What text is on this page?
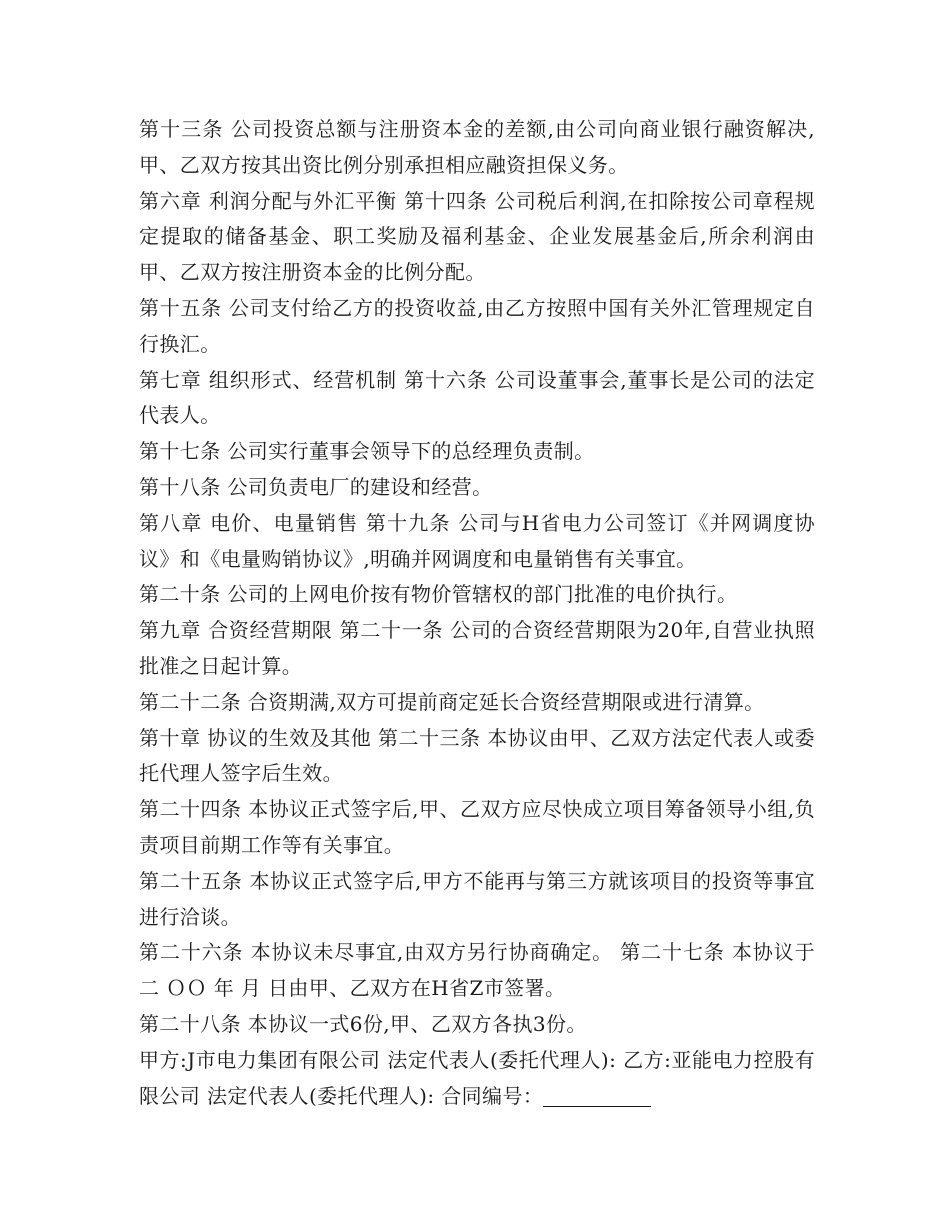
第十三条 公司投资总额与注册资本金的差额,由公司向商业银行融资解决,甲、乙双方按其出资比例分别承担相应融资担保义务。

第六章 利润分配与外汇平衡 第十四条 公司税后利润,在扣除按公司章程规定提取的储备基金、职工奖励及福利基金、企业发展基金后,所余利润由甲、乙双方按注册资本金的比例分配。

第十五条 公司支付给乙方的投资收益,由乙方按照中国有关外汇管理规定自行换汇。

第七章 组织形式、经营机制 第十六条 公司设董事会,董事长是公司的法定代表人。

第十七条 公司实行董事会领导下的总经理负责制。

第十八条 公司负责电厂的建设和经营。

第八章 电价、电量销售 第十九条 公司与H省电力公司签订《并网调度协议》和《电量购销协议》,明确并网调度和电量销售有关事宜。

第二十条 公司的上网电价按有物价管辖权的部门批准的电价执行。

第九章 合资经营期限 第二十一条 公司的合资经营期限为20年,自营业执照批准之日起计算。

第二十二条 合资期满,双方可提前商定延长合资经营期限或进行清算。

第十章 协议的生效及其他 第二十三条 本协议由甲、乙双方法定代表人或委托代理人签字后生效。

第二十四条 本协议正式签字后,甲、乙双方应尽快成立项目筹备领导小组,负责项目前期工作等有关事宜。

第二十五条 本协议正式签字后,甲方不能再与第三方就该项目的投资等事宜进行洽谈。

第二十六条 本协议未尽事宜,由双方另行协商确定。 第二十七条 本协议于二 ＯＯ 年 月 日由甲、乙双方在H省Z市签署。

第二十八条 本协议一式6份,甲、乙双方各执3份。

甲方:J市电力集团有限公司 法定代表人(委托代理人): 乙方:亚能电力控股有限公司 法定代表人(委托代理人): 合同编号：
